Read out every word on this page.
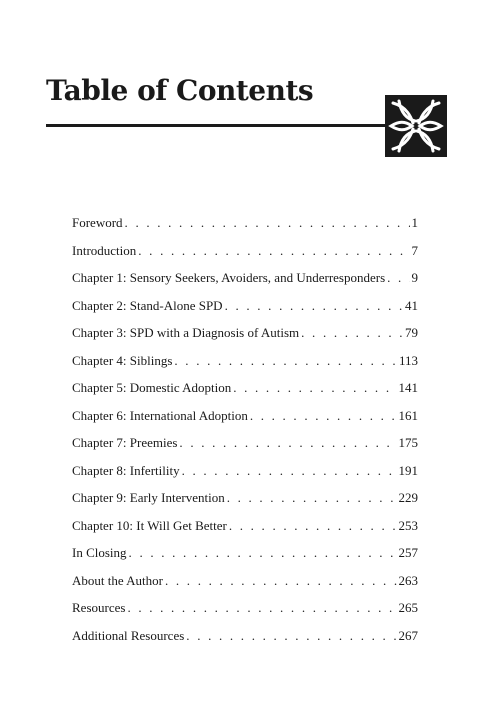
Table of Contents
Foreword . . .	1
Introduction . . .	7
Chapter 1: Sensory Seekers, Avoiders, and Underresponders . . . 9
Chapter 2: Stand-Alone SPD . . .	41
Chapter 3: SPD with a Diagnosis of Autism . . .	79
Chapter 4: Siblings . . .	113
Chapter 5: Domestic Adoption . . .	141
Chapter 6: International Adoption . . .	161
Chapter 7: Preemies . . .	175
Chapter 8: Infertility . . .	191
Chapter 9: Early Intervention . . .	229
Chapter 10: It Will Get Better . . .	253
In Closing . . .	257
About the Author . . .	263
Resources . . .	265
Additional Resources . . .	267
